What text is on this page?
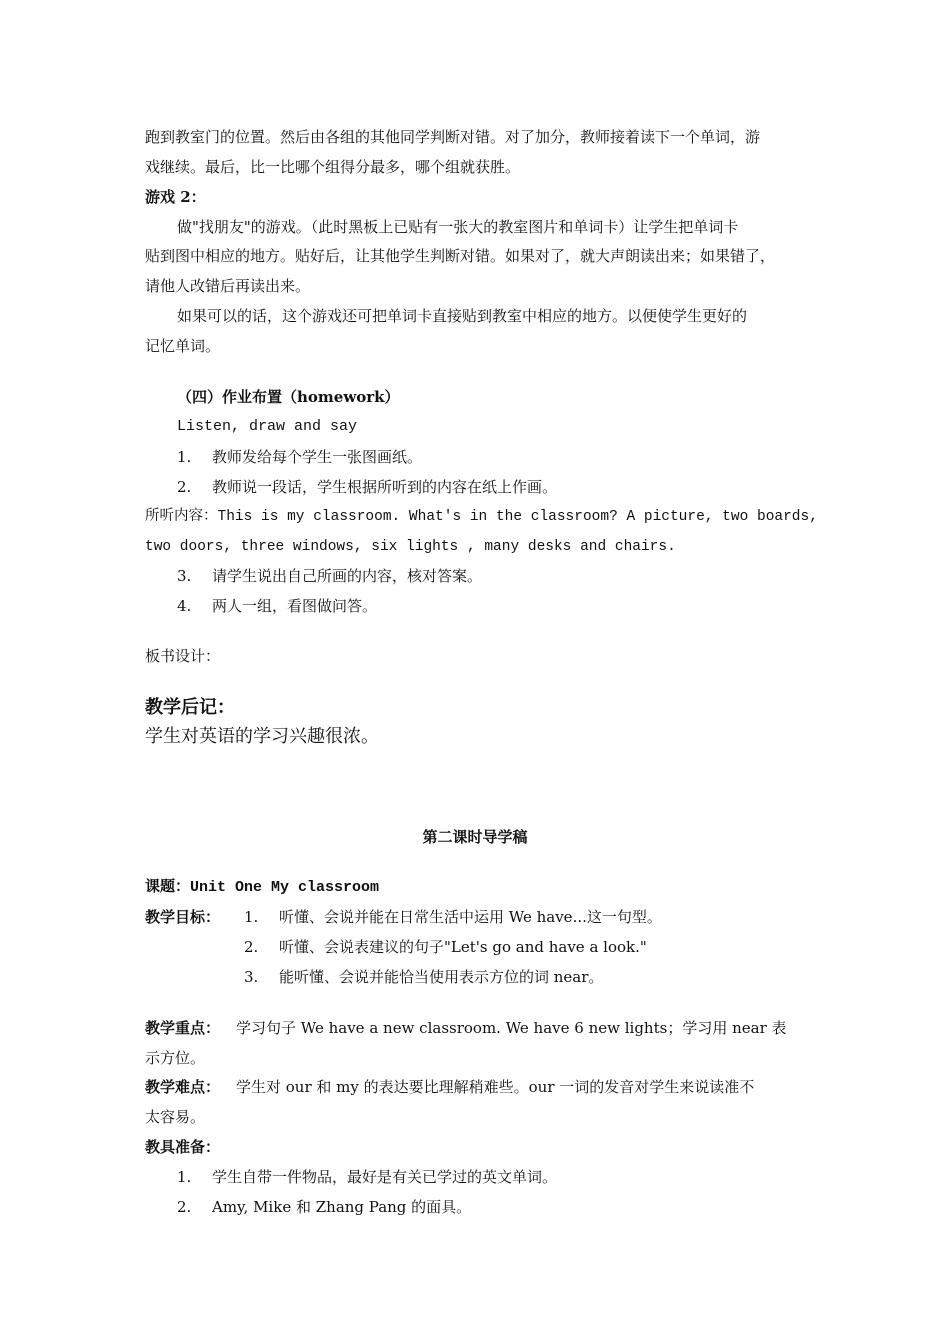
跑到教室门的位置。然后由各组的其他同学判断对错。对了加分，教师接着读下一个单词，游
戏继续。最后，比一比哪个组得分最多，哪个组就获胜。
游戏 2：
做"找朋友"的游戏。（此时黑板上已贴有一张大的教室图片和单词卡）让学生把单词卡
贴到图中相应的地方。贴好后，让其他学生判断对错。如果对了，就大声朗读出来；如果错了，
请他人改错后再读出来。
如果可以的话，这个游戏还可把单词卡直接贴到教室中相应的地方。以便使学生更好的
记忆单词。
（四）作业布置（homework）
Listen, draw and say
1. 教师发给每个学生一张图画纸。
2. 教师说一段话，学生根据所听到的内容在纸上作画。
所听内容：This is my classroom. What's in the classroom? A picture, two boards,
two doors, three windows, six lights , many desks and chairs.
3. 请学生说出自己所画的内容，核对答案。
4. 两人一组，看图做问答。
板书设计：
教学后记：
学生对英语的学习兴趣很浓。
第二课时导学稿
课题：Unit One My classroom
教学目标： 1. 听懂、会说并能在日常生活中运用 We have...这一句型。
2. 听懂、会说表建议的句子"Let's go and have a look."
3. 能听懂、会说并能恰当使用表示方位的词 near。
教学重点： 学习句子 We have a new classroom. We have 6 new lights；学习用 near 表
示方位。
教学难点： 学生对 our 和 my 的表达要比理解稍难些。our 一词的发音对学生来说读准不
太容易。
教具准备：
1. 学生自带一件物品，最好是有关已学过的英文单词。
2. Amy, Mike 和 Zhang Pang 的面具。
